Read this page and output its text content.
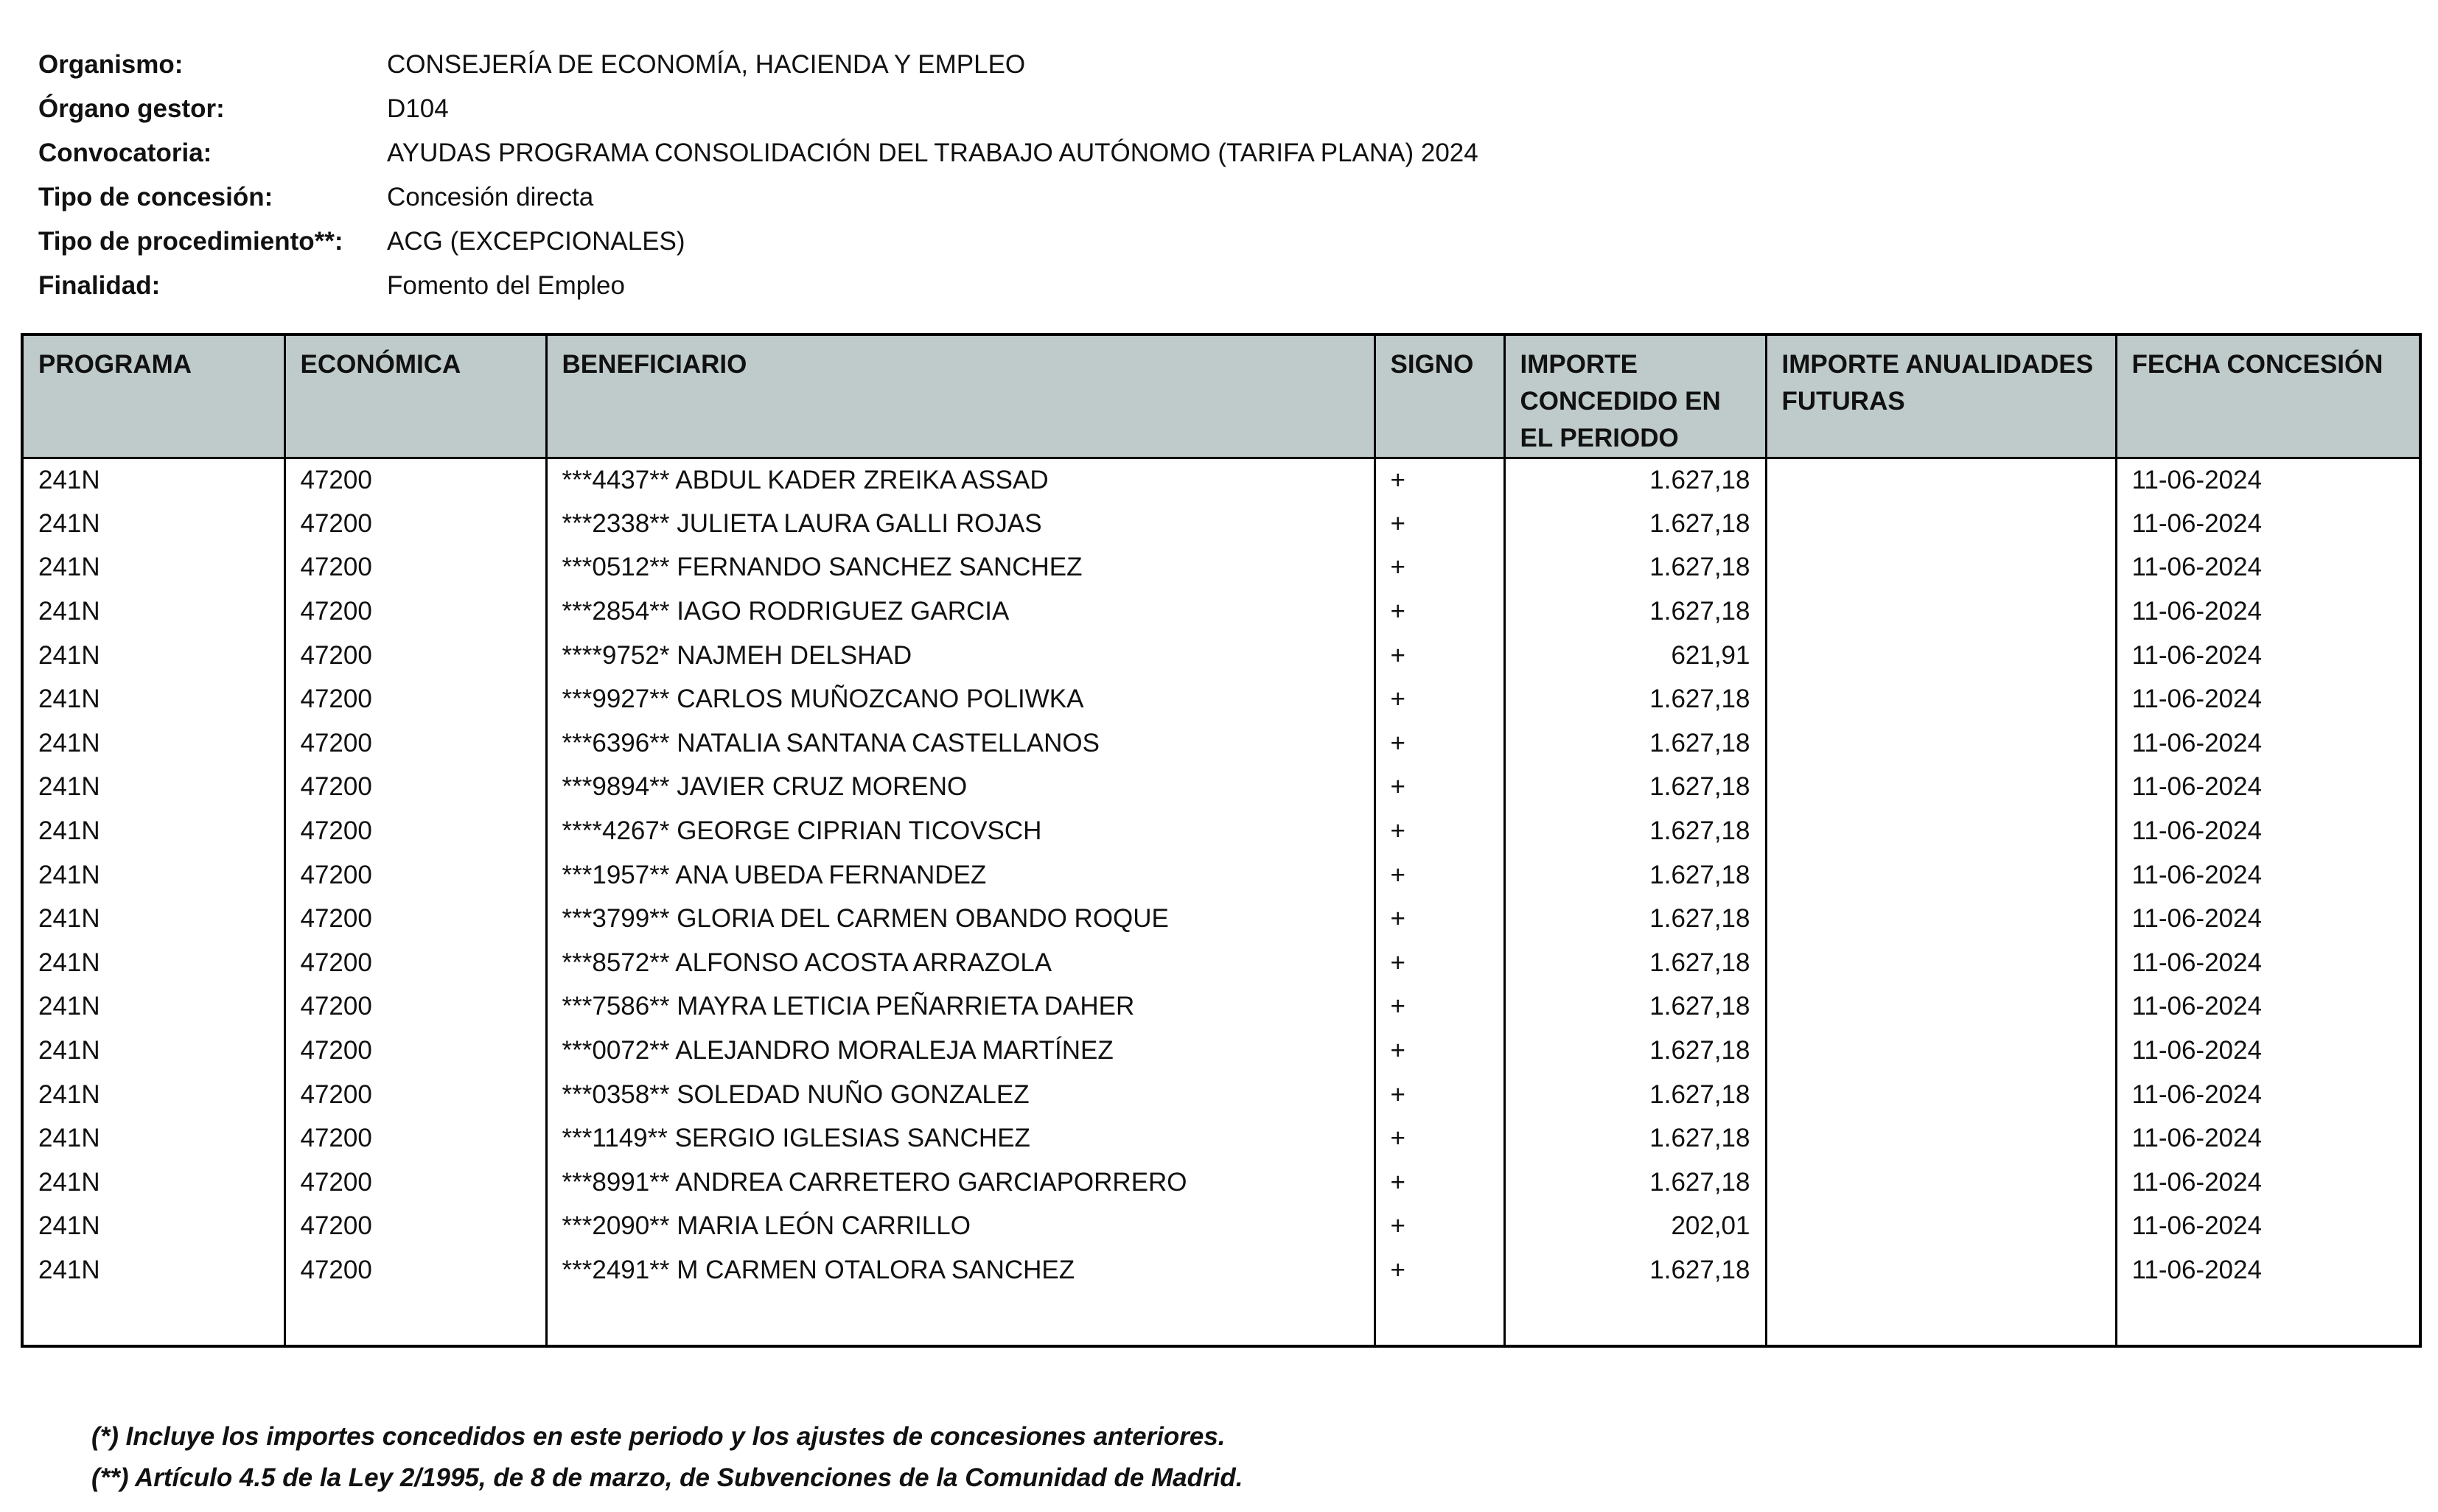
Organismo:	CONSEJERÍA DE ECONOMÍA, HACIENDA Y EMPLEO
Órgano gestor:	D104
Convocatoria:	AYUDAS PROGRAMA CONSOLIDACIÓN DEL TRABAJO AUTÓNOMO (TARIFA PLANA) 2024
Tipo de concesión:	Concesión directa
Tipo de procedimiento**:	ACG (EXCEPCIONALES)
Finalidad:	Fomento del Empleo
PROGRAMA	ECONÓMICA	BENEFICIARIO	SIGNO	IMPORTE CONCEDIDO EN EL PERIODO	IMPORTE ANUALIDADES FUTURAS	FECHA CONCESIÓN
241N	47200	***4437** ABDUL KADER ZREIKA ASSAD	+	1.627,18		11-06-2024
241N	47200	***2338** JULIETA LAURA GALLI ROJAS	+	1.627,18		11-06-2024
241N	47200	***0512** FERNANDO SANCHEZ SANCHEZ	+	1.627,18		11-06-2024
241N	47200	***2854** IAGO RODRIGUEZ GARCIA	+	1.627,18		11-06-2024
241N	47200	****9752* NAJMEH DELSHAD	+	621,91		11-06-2024
241N	47200	***9927** CARLOS MUÑOZCANO POLIWKA	+	1.627,18		11-06-2024
241N	47200	***6396** NATALIA SANTANA CASTELLANOS	+	1.627,18		11-06-2024
241N	47200	***9894** JAVIER CRUZ MORENO	+	1.627,18		11-06-2024
241N	47200	****4267* GEORGE CIPRIAN TICOVSCH	+	1.627,18		11-06-2024
241N	47200	***1957** ANA UBEDA FERNANDEZ	+	1.627,18		11-06-2024
241N	47200	***3799** GLORIA DEL CARMEN OBANDO ROQUE	+	1.627,18		11-06-2024
241N	47200	***8572** ALFONSO ACOSTA ARRAZOLA	+	1.627,18		11-06-2024
241N	47200	***7586** MAYRA LETICIA PEÑARRIETA DAHER	+	1.627,18		11-06-2024
241N	47200	***0072** ALEJANDRO MORALEJA MARTÍNEZ	+	1.627,18		11-06-2024
241N	47200	***0358** SOLEDAD NUÑO GONZALEZ	+	1.627,18		11-06-2024
241N	47200	***1149** SERGIO IGLESIAS SANCHEZ	+	1.627,18		11-06-2024
241N	47200	***8991** ANDREA CARRETERO GARCIAPORRERO	+	1.627,18		11-06-2024
241N	47200	***2090** MARIA LEÓN CARRILLO	+	202,01		11-06-2024
241N	47200	***2491** M CARMEN OTALORA SANCHEZ	+	1.627,18		11-06-2024

(*) Incluye los importes concedidos en este periodo y los ajustes de concesiones anteriores.
(**) Artículo 4.5 de la Ley 2/1995, de 8 de marzo, de Subvenciones de la Comunidad de Madrid.
